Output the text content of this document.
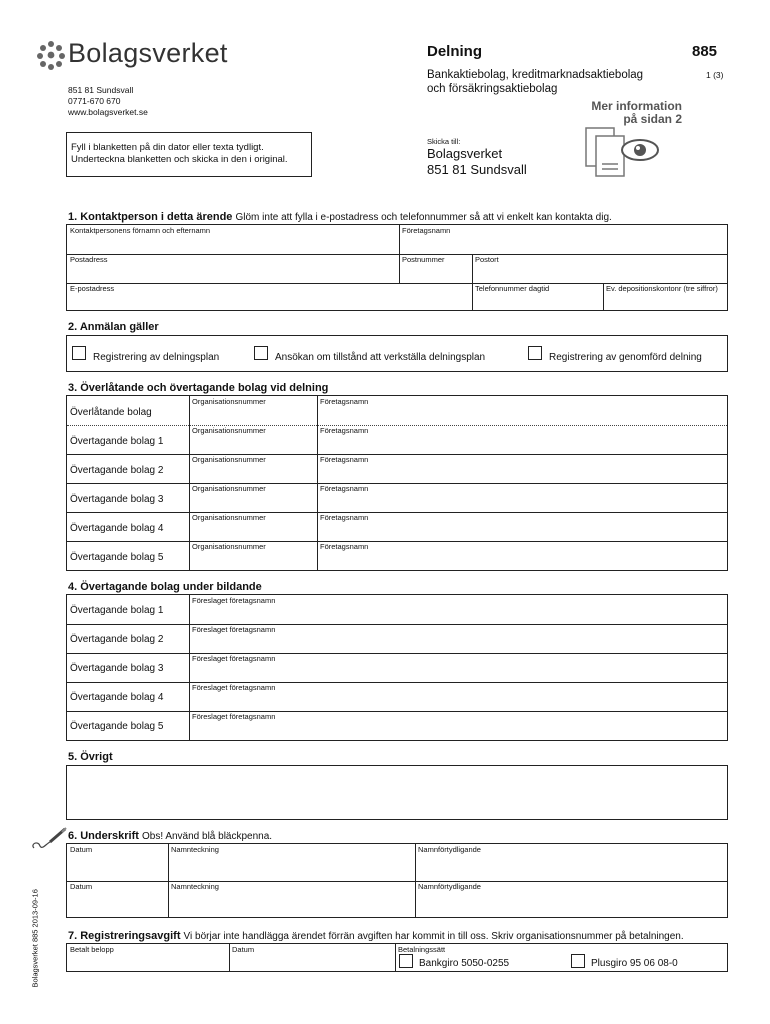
Bolagsverket
851 81 Sundsvall
0771-670 670
www.bolagsverket.se
Delning	885
Bankaktiebolag, kreditmarknadsaktiebolag
och försäkringsaktiebolag
1 (3)
Mer information
på sidan 2
Fyll i blanketten på din dator eller texta tydligt.
Underteckna blanketten och skicka in den i original.
Skicka till:
Bolagsverket
851 81 Sundsvall
1. Kontaktperson i detta ärende Glöm inte att fylla i e-postadress och telefonnummer så att vi enkelt kan kontakta dig.
Kontaktpersonens förnamn och efternamn	Företagsnamn
Postadress	Postnummer	Postort
E-postadress	Telefonnummer dagtid	Ev. depositionskontonr (tre siffror)
2. Anmälan gäller
Registrering av delningsplan	Ansökan om tillstånd att verkställa delningsplan	Registrering av genomförd delning
3. Överlåtande och övertagande bolag vid delning
Överlåtande bolag
Organisationsnummer	Företagsnamn
Övertagande bolag 1
Organisationsnummer	Företagsnamn
Övertagande bolag 2
Organisationsnummer	Företagsnamn
Övertagande bolag 3
Organisationsnummer	Företagsnamn
Övertagande bolag 4
Organisationsnummer	Företagsnamn
Övertagande bolag 5
Organisationsnummer	Företagsnamn
4. Övertagande bolag under bildande
Övertagande bolag 1
Föreslaget företagsnamn
Övertagande bolag 2
Föreslaget företagsnamn
Övertagande bolag 3
Föreslaget företagsnamn
Övertagande bolag 4
Föreslaget företagsnamn
Övertagande bolag 5
Föreslaget företagsnamn
5. Övrigt
6. Underskrift Obs! Använd blå bläckpenna.
Datum	Namnteckning	Namnförtydligande
Datum	Namnteckning	Namnförtydligande
7. Registreringsavgift Vi börjar inte handlägga ärendet förrän avgiften har kommit in till oss. Skriv organisationsnummer på betalningen.
Betalt belopp	Datum	Betalningssätt
Bankgiro 5050-0255	Plusgiro 95 06 08-0
Bolagsverket 885 2013-09-16
